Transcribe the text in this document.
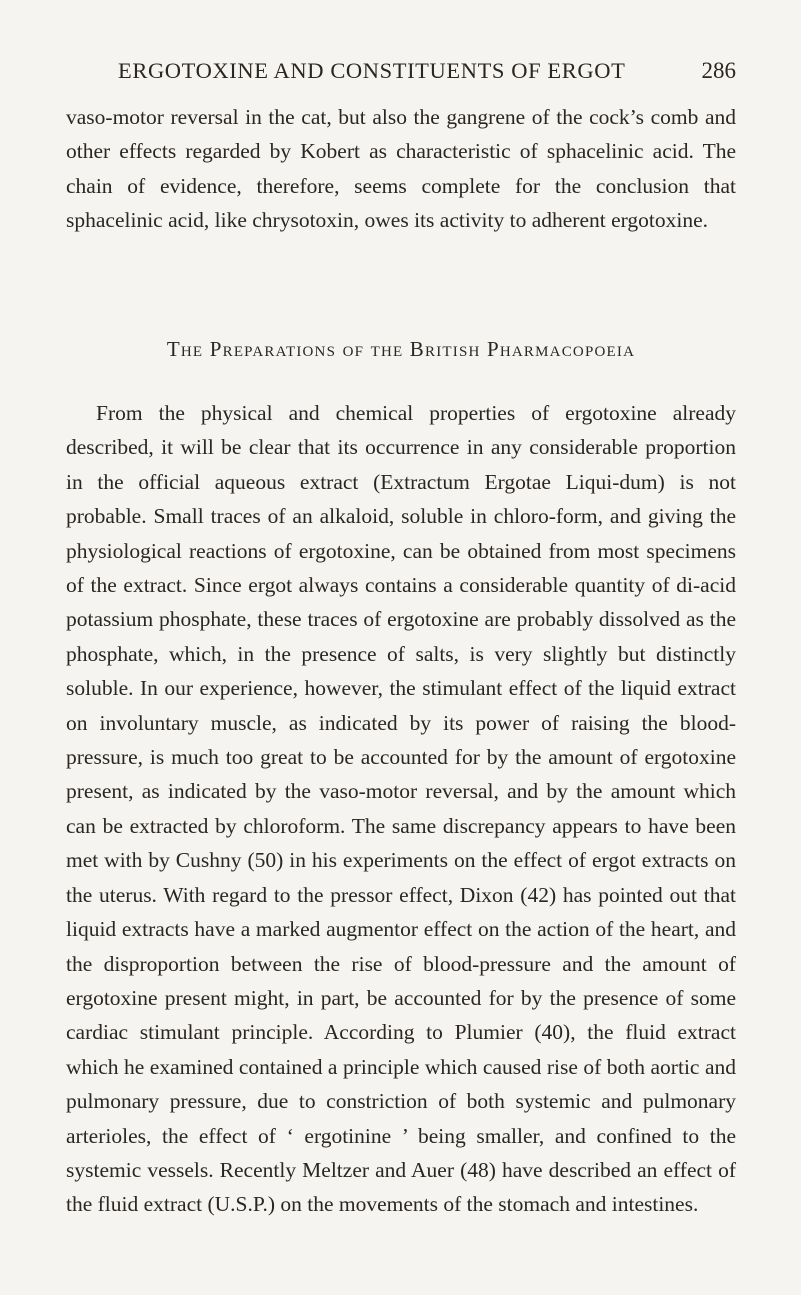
ERGOTOXINE AND CONSTITUENTS OF ERGOT	286

vaso-motor reversal in the cat, but also the gangrene of the cock’s comb and other effects regarded by Kobert as characteristic of sphacelinic acid. The chain of evidence, therefore, seems complete for the conclusion that sphacelinic acid, like chrysotoxin, owes its activity to adherent ergotoxine.

The Preparations of the British Pharmacopoeia

From the physical and chemical properties of ergotoxine already described, it will be clear that its occurrence in any considerable proportion in the official aqueous extract (Extractum Ergotae Liqui-dum) is not probable. Small traces of an alkaloid, soluble in chloro-form, and giving the physiological reactions of ergotoxine, can be obtained from most specimens of the extract. Since ergot always contains a considerable quantity of di-acid potassium phosphate, these traces of ergotoxine are probably dissolved as the phosphate, which, in the presence of salts, is very slightly but distinctly soluble. In our experience, however, the stimulant effect of the liquid extract on involuntary muscle, as indicated by its power of raising the blood-pressure, is much too great to be accounted for by the amount of ergotoxine present, as indicated by the vaso-motor reversal, and by the amount which can be extracted by chloroform. The same discrepancy appears to have been met with by Cushny (50) in his experiments on the effect of ergot extracts on the uterus. With regard to the pressor effect, Dixon (42) has pointed out that liquid extracts have a marked augmentor effect on the action of the heart, and the disproportion between the rise of blood-pressure and the amount of ergotoxine present might, in part, be accounted for by the presence of some cardiac stimulant principle. According to Plumier (40), the fluid extract which he examined contained a principle which caused rise of both aortic and pulmonary pressure, due to constriction of both systemic and pulmonary arterioles, the effect of ‘ ergotinine ’ being smaller, and confined to the systemic vessels. Recently Meltzer and Auer (48) have described an effect of the fluid extract (U.S.P.) on the movements of the stomach and intestines.
